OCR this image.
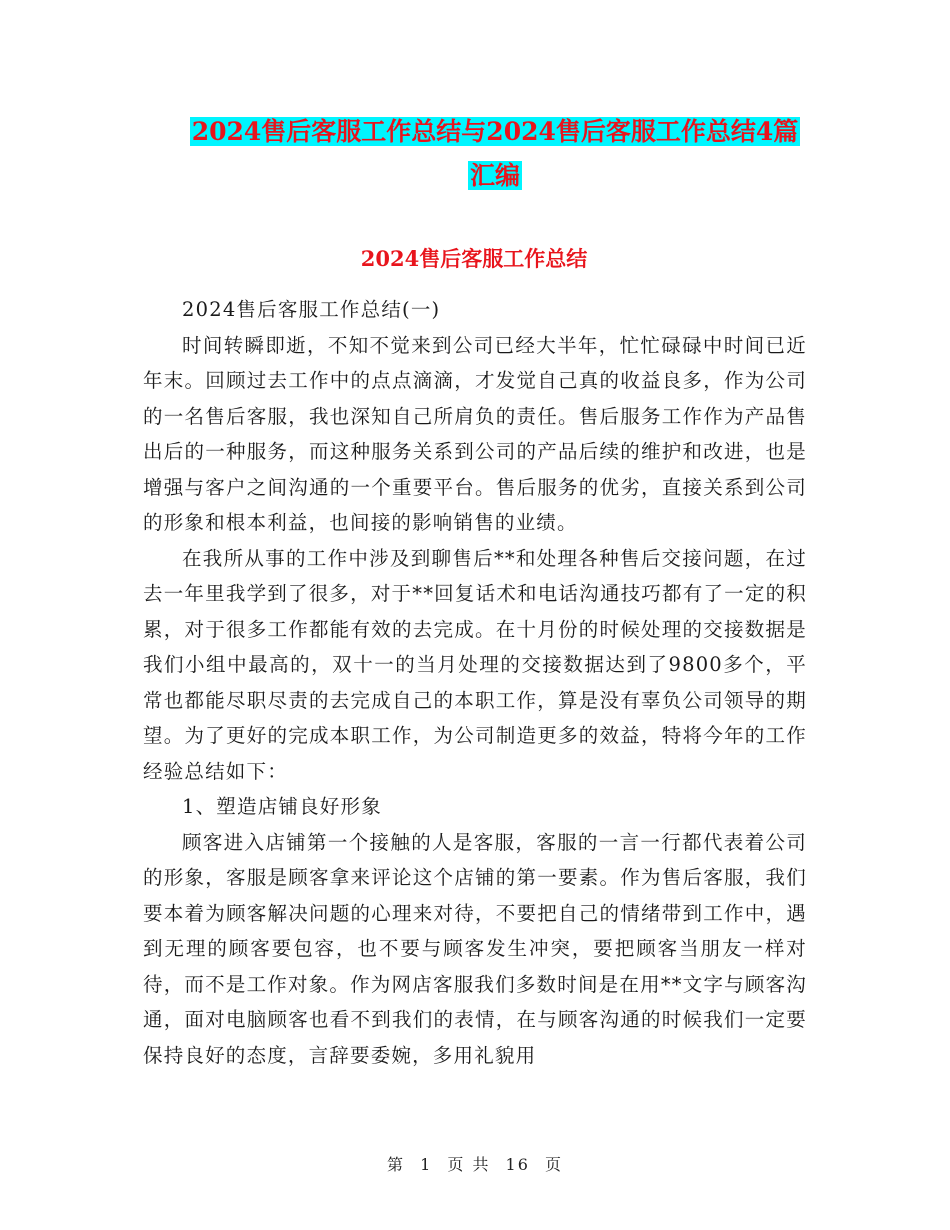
2024售后客服工作总结与2024售后客服工作总结4篇
汇编
2024售后客服工作总结

2024售后客服工作总结(一)

时间转瞬即逝，不知不觉来到公司已经大半年，忙忙碌碌中时间已近年末。回顾过去工作中的点点滴滴，才发觉自己真的收益良多，作为公司的一名售后客服，我也深知自己所肩负的责任。售后服务工作作为产品售出后的一种服务，而这种服务关系到公司的产品后续的维护和改进，也是增强与客户之间沟通的一个重要平台。售后服务的优劣，直接关系到公司的形象和根本利益，也间接的影响销售的业绩。

在我所从事的工作中涉及到聊售后**和处理各种售后交接问题，在过去一年里我学到了很多，对于**回复话术和电话沟通技巧都有了一定的积累，对于很多工作都能有效的去完成。在十月份的时候处理的交接数据是我们小组中最高的，双十一的当月处理的交接数据达到了9800多个，平常也都能尽职尽责的去完成自己的本职工作，算是没有辜负公司领导的期望。为了更好的完成本职工作，为公司制造更多的效益，特将今年的工作经验总结如下：

1、塑造店铺良好形象

顾客进入店铺第一个接触的人是客服，客服的一言一行都代表着公司的形象，客服是顾客拿来评论这个店铺的第一要素。作为售后客服，我们要本着为顾客解决问题的心理来对待，不要把自己的情绪带到工作中，遇到无理的顾客要包容，也不要与顾客发生冲突，要把顾客当朋友一样对待，而不是工作对象。作为网店客服我们多数时间是在用**文字与顾客沟通，面对电脑顾客也看不到我们的表情，在与顾客沟通的时候我们一定要保持良好的态度，言辞要委婉，多用礼貌用

第 1 页 共 16 页
